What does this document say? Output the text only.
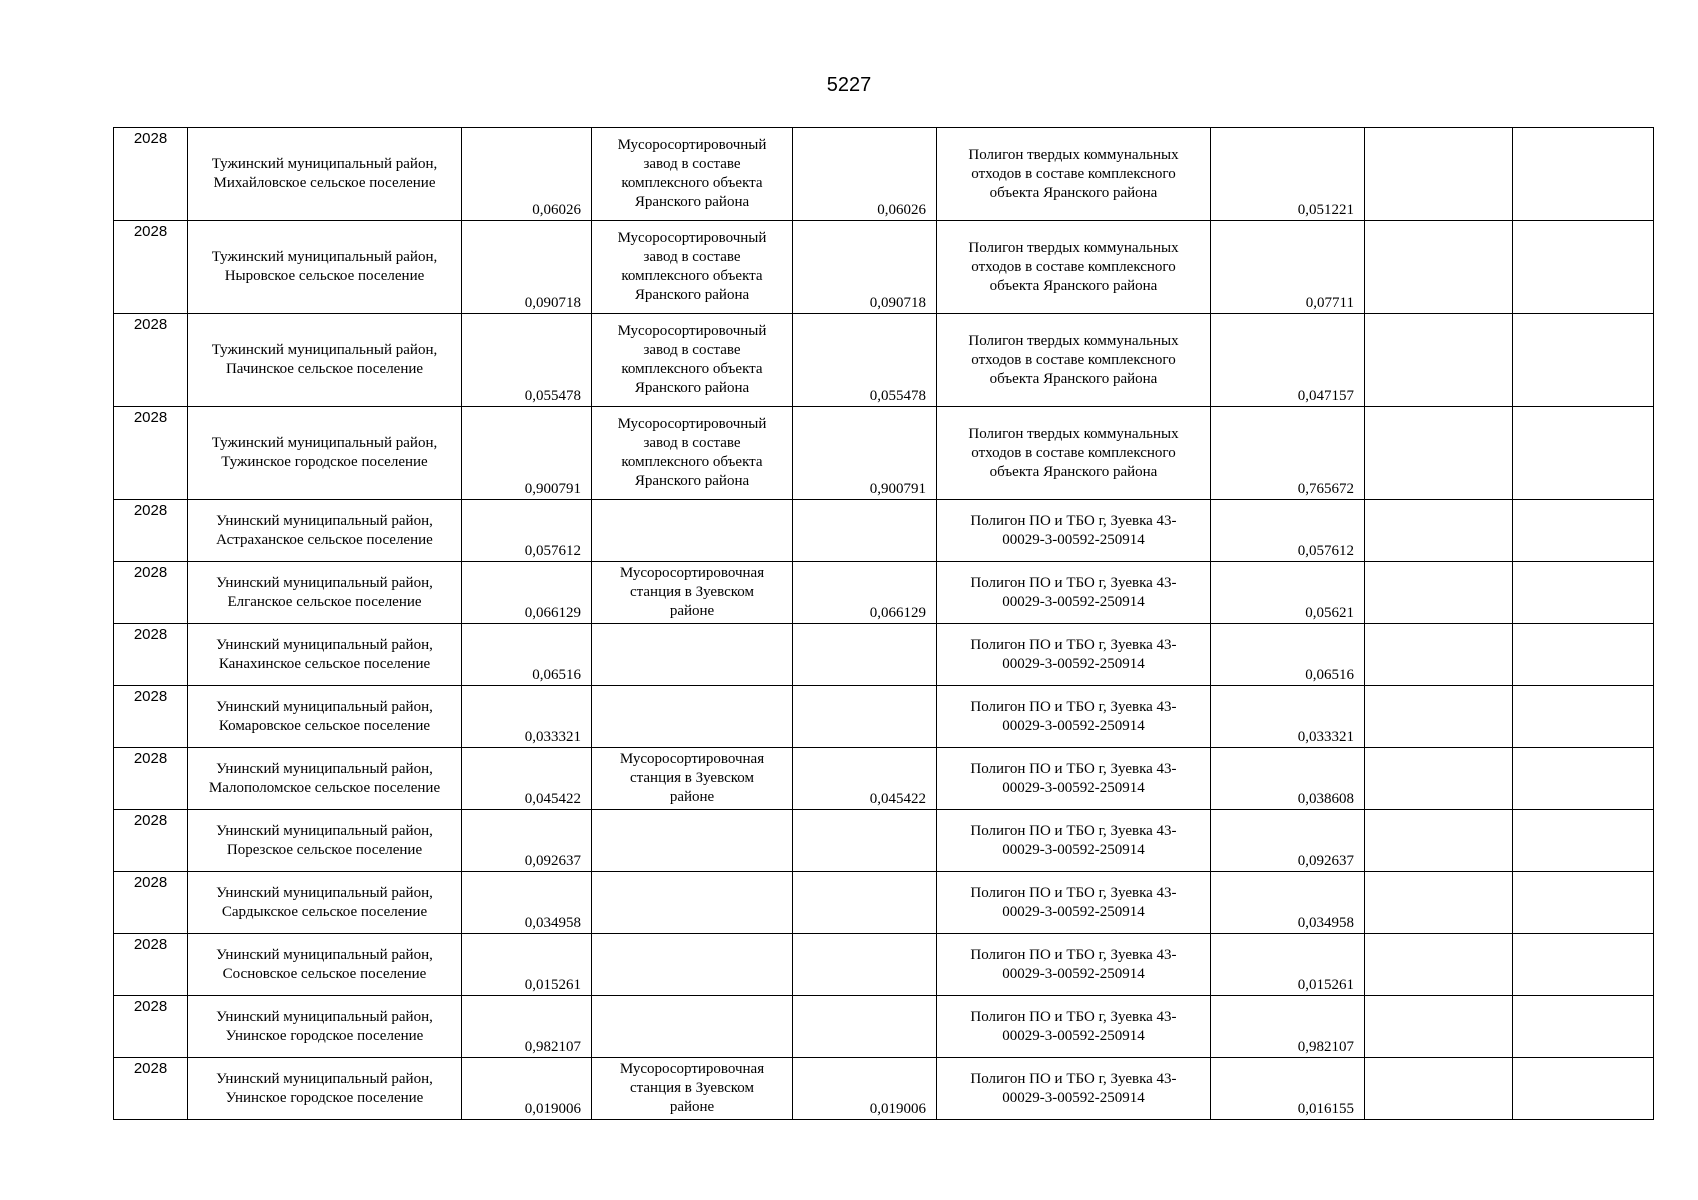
5227
2028	Тужинский муниципальный район, Михайловское сельское поселение	0,06026	Мусоросортировочный завод в составе комплексного объекта Яранского района	0,06026	Полигон твердых коммунальных отходов в составе комплексного объекта Яранского района	0,051221		
2028	Тужинский муниципальный район, Ныровское сельское поселение	0,090718	Мусоросортировочный завод в составе комплексного объекта Яранского района	0,090718	Полигон твердых коммунальных отходов в составе комплексного объекта Яранского района	0,07711		
2028	Тужинский муниципальный район, Пачинское сельское поселение	0,055478	Мусоросортировочный завод в составе комплексного объекта Яранского района	0,055478	Полигон твердых коммунальных отходов в составе комплексного объекта Яранского района	0,047157		
2028	Тужинский муниципальный район, Тужинское городское поселение	0,900791	Мусоросортировочный завод в составе комплексного объекта Яранского района	0,900791	Полигон твердых коммунальных отходов в составе комплексного объекта Яранского района	0,765672		
2028	Унинский муниципальный район, Астраханское сельское поселение	0,057612			Полигон ПО и ТБО г, Зуевка 43-00029-3-00592-250914	0,057612		
2028	Унинский муниципальный район, Елганское сельское поселение	0,066129	Мусоросортировочная станция в Зуевском районе	0,066129	Полигон ПО и ТБО г, Зуевка 43-00029-3-00592-250914	0,05621		
2028	Унинский муниципальный район, Канахинское сельское поселение	0,06516			Полигон ПО и ТБО г, Зуевка 43-00029-3-00592-250914	0,06516		
2028	Унинский муниципальный район, Комаровское сельское поселение	0,033321			Полигон ПО и ТБО г, Зуевка 43-00029-3-00592-250914	0,033321		
2028	Унинский муниципальный район, Малополомское сельское поселение	0,045422	Мусоросортировочная станция в Зуевском районе	0,045422	Полигон ПО и ТБО г, Зуевка 43-00029-3-00592-250914	0,038608		
2028	Унинский муниципальный район, Порезское сельское поселение	0,092637			Полигон ПО и ТБО г, Зуевка 43-00029-3-00592-250914	0,092637		
2028	Унинский муниципальный район, Сардыкское сельское поселение	0,034958			Полигон ПО и ТБО г, Зуевка 43-00029-3-00592-250914	0,034958		
2028	Унинский муниципальный район, Сосновское сельское поселение	0,015261			Полигон ПО и ТБО г, Зуевка 43-00029-3-00592-250914	0,015261		
2028	Унинский муниципальный район, Унинское городское поселение	0,982107			Полигон ПО и ТБО г, Зуевка 43-00029-3-00592-250914	0,982107		
2028	Унинский муниципальный район, Унинское городское поселение	0,019006	Мусоросортировочная станция в Зуевском районе	0,019006	Полигон ПО и ТБО г, Зуевка 43-00029-3-00592-250914	0,016155		
